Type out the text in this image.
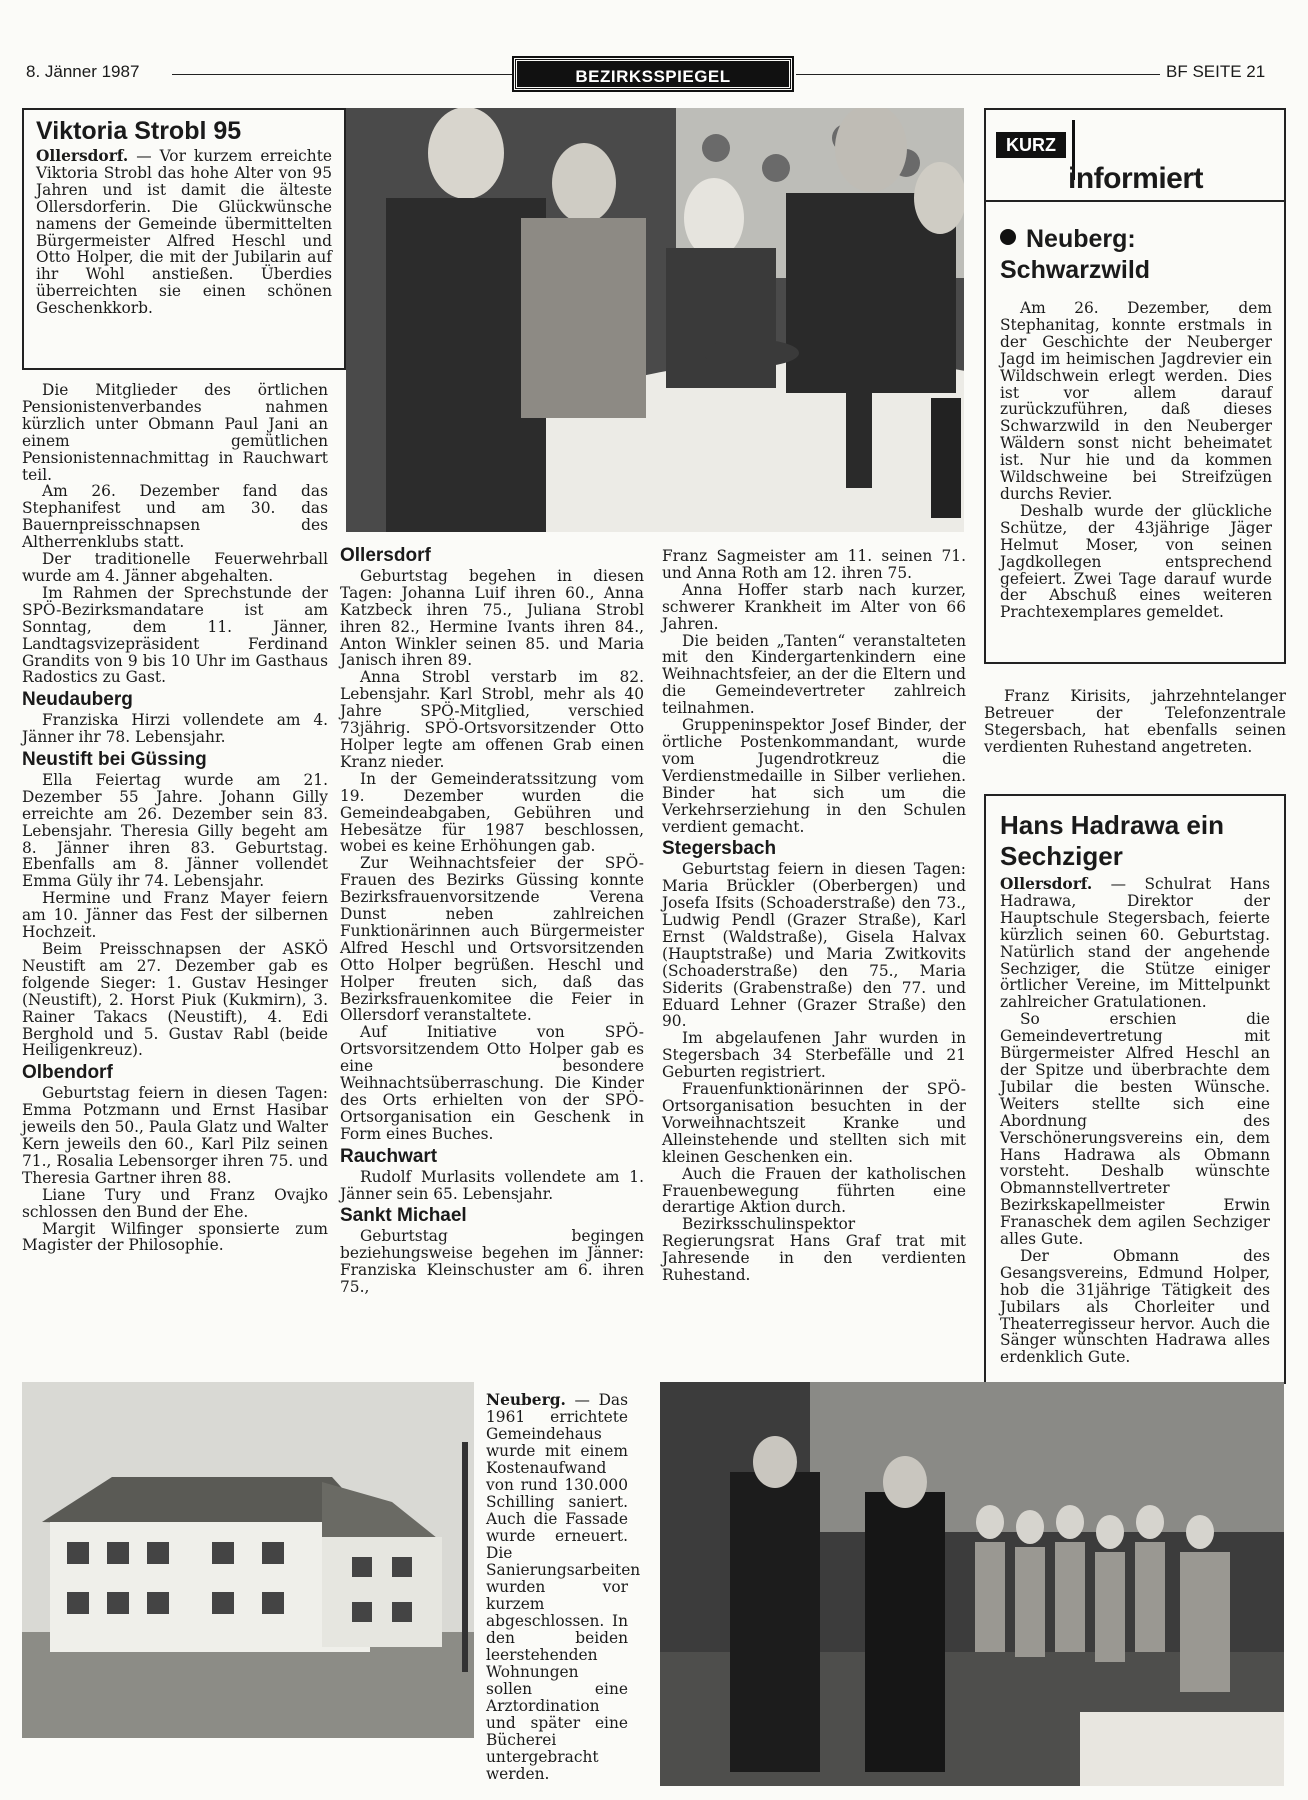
8. Jänner 1987	BEZIRKSSPIEGEL	BF SEITE 21
Viktoria Strobl 95

Ollersdorf. — Vor kurzem erreichte Viktoria Strobl das hohe Alter von 95 Jahren und ist damit die älteste Ollersdorferin. Die Glückwünsche namens der Gemeinde übermittelten Bürgermeister Alfred Heschl und Otto Holper, die mit der Jubilarin auf ihr Wohl anstießen. Überdies überreichten sie einen schönen Geschenkkorb.

KURZ
informiert
Neuberg: Schwarzwild

Am 26. Dezember, dem Stephanitag, konnte erstmals in der Geschichte der Neuberger Jagd im heimischen Jagdrevier ein Wildschwein erlegt werden. Dies ist vor allem darauf zurückzuführen, daß dieses Schwarzwild in den Neuberger Wäldern sonst nicht beheimatet ist. Nur hie und da kommen Wildschweine bei Streifzügen durchs Revier.

Deshalb wurde der glückliche Schütze, der 43jährige Jäger Helmut Moser, von seinen Jagdkollegen entsprechend gefeiert. Zwei Tage darauf wurde der Abschuß eines weiteren Prachtexemplares gemeldet.

Franz Kirisits, jahrzehntelanger Betreuer der Telefonzentrale Stegersbach, hat ebenfalls seinen verdienten Ruhestand angetreten.

Hans Hadrawa ein Sechziger

Ollersdorf. — Schulrat Hans Hadrawa, Direktor der Hauptschule Stegersbach, feierte kürzlich seinen 60. Geburtstag. Natürlich stand der angehende Sechziger, die Stütze einiger örtlicher Vereine, im Mittelpunkt zahlreicher Gratulationen.

So erschien die Gemeindevertretung mit Bürgermeister Alfred Heschl an der Spitze und überbrachte dem Jubilar die besten Wünsche. Weiters stellte sich eine Abordnung des Verschönerungsvereins ein, dem Hans Hadrawa als Obmann vorsteht. Deshalb wünschte Obmannstellvertreter Bezirkskapellmeister Erwin Franaschek dem agilen Sechziger alles Gute.

Der Obmann des Gesangsvereins, Edmund Holper, hob die 31jährige Tätigkeit des Jubilars als Chorleiter und Theaterregisseur hervor. Auch die Sänger wünschten Hadrawa alles erdenklich Gute.

Die Mitglieder des örtlichen Pensionistenverbandes nahmen kürzlich unter Obmann Paul Jani an einem gemütlichen Pensionistennachmittag in Rauchwart teil.

Am 26. Dezember fand das Stephanifest und am 30. das Bauernpreisschnapsen des Altherrenklubs statt.

Der traditionelle Feuerwehrball wurde am 4. Jänner abgehalten.

Im Rahmen der Sprechstunde der SPÖ-Bezirksmandatare ist am Sonntag, dem 11. Jänner, Landtagsvizepräsident Ferdinand Grandits von 9 bis 10 Uhr im Gasthaus Radostics zu Gast.

Neudauberg

Franziska Hirzi vollendete am 4. Jänner ihr 78. Lebensjahr.

Neustift bei Güssing

Ella Feiertag wurde am 21. Dezember 55 Jahre. Johann Gilly erreichte am 26. Dezember sein 83. Lebensjahr. Theresia Gilly begeht am 8. Jänner ihren 83. Geburtstag. Ebenfalls am 8. Jänner vollendet Emma Güly ihr 74. Lebensjahr.

Hermine und Franz Mayer feiern am 10. Jänner das Fest der silbernen Hochzeit.

Beim Preisschnapsen der ASKÖ Neustift am 27. Dezember gab es folgende Sieger: 1. Gustav Hesinger (Neustift), 2. Horst Piuk (Kukmirn), 3. Rainer Takacs (Neustift), 4. Edi Berghold und 5. Gustav Rabl (beide Heiligenkreuz).

Olbendorf

Geburtstag feiern in diesen Tagen: Emma Potzmann und Ernst Hasibar jeweils den 50., Paula Glatz und Walter Kern jeweils den 60., Karl Pilz seinen 71., Rosalia Lebensorger ihren 75. und Theresia Gartner ihren 88.

Liane Tury und Franz Ovajko schlossen den Bund der Ehe.

Margit Wilfinger sponsierte zum Magister der Philosophie.

Ollersdorf

Geburtstag begehen in diesen Tagen: Johanna Luif ihren 60., Anna Katzbeck ihren 75., Juliana Strobl ihren 82., Hermine Ivants ihren 84., Anton Winkler seinen 85. und Maria Janisch ihren 89.

Anna Strobl verstarb im 82. Lebensjahr. Karl Strobl, mehr als 40 Jahre SPÖ-Mitglied, verschied 73jährig. SPÖ-Ortsvorsitzender Otto Holper legte am offenen Grab einen Kranz nieder.

In der Gemeinderatssitzung vom 19. Dezember wurden die Gemeindeabgaben, Gebühren und Hebesätze für 1987 beschlossen, wobei es keine Erhöhungen gab.

Zur Weihnachtsfeier der SPÖ-Frauen des Bezirks Güssing konnte Bezirksfrauenvorsitzende Verena Dunst neben zahlreichen Funktionärinnen auch Bürgermeister Alfred Heschl und Ortsvorsitzenden Otto Holper begrüßen. Heschl und Holper freuten sich, daß das Bezirksfrauenkomitee die Feier in Ollersdorf veranstaltete.

Auf Initiative von SPÖ-Ortsvorsitzendem Otto Holper gab es eine besondere Weihnachtsüberraschung. Die Kinder des Orts erhielten von der SPÖ-Ortsorganisation ein Geschenk in Form eines Buches.

Rauchwart

Rudolf Murlasits vollendete am 1. Jänner sein 65. Lebensjahr.

Sankt Michael

Geburtstag begingen beziehungsweise begehen im Jänner: Franziska Kleinschuster am 6. ihren 75.,

Franz Sagmeister am 11. seinen 71. und Anna Roth am 12. ihren 75.

Anna Hoffer starb nach kurzer, schwerer Krankheit im Alter von 66 Jahren.

Die beiden „Tanten“ veranstalteten mit den Kindergartenkindern eine Weihnachtsfeier, an der die Eltern und die Gemeindevertreter zahlreich teilnahmen.

Gruppeninspektor Josef Binder, der örtliche Postenkommandant, wurde vom Jugendrotkreuz die Verdienstmedaille in Silber verliehen. Binder hat sich um die Verkehrserziehung in den Schulen verdient gemacht.

Stegersbach

Geburtstag feiern in diesen Tagen: Maria Brückler (Oberbergen) und Josefa Ifsits (Schoaderstraße) den 73., Ludwig Pendl (Grazer Straße), Karl Ernst (Waldstraße), Gisela Halvax (Hauptstraße) und Maria Zwitkovits (Schoaderstraße) den 75., Maria Siderits (Grabenstraße) den 77. und Eduard Lehner (Grazer Straße) den 90.

Im abgelaufenen Jahr wurden in Stegersbach 34 Sterbefälle und 21 Geburten registriert.

Frauenfunktionärinnen der SPÖ-Ortsorganisation besuchten in der Vorweihnachtszeit Kranke und Alleinstehende und stellten sich mit kleinen Geschenken ein.

Auch die Frauen der katholischen Frauenbewegung führten eine derartige Aktion durch.

Bezirksschulinspektor Regierungsrat Hans Graf trat mit Jahresende in den verdienten Ruhestand.

Neuberg. — Das 1961 errichtete Gemeindehaus wurde mit einem Kostenaufwand von rund 130.000 Schilling saniert. Auch die Fassade wurde erneuert. Die Sanierungsarbeiten wurden vor kurzem abgeschlossen. In den beiden leerstehenden Wohnungen sollen eine Arztordination und später eine Bücherei untergebracht werden.
